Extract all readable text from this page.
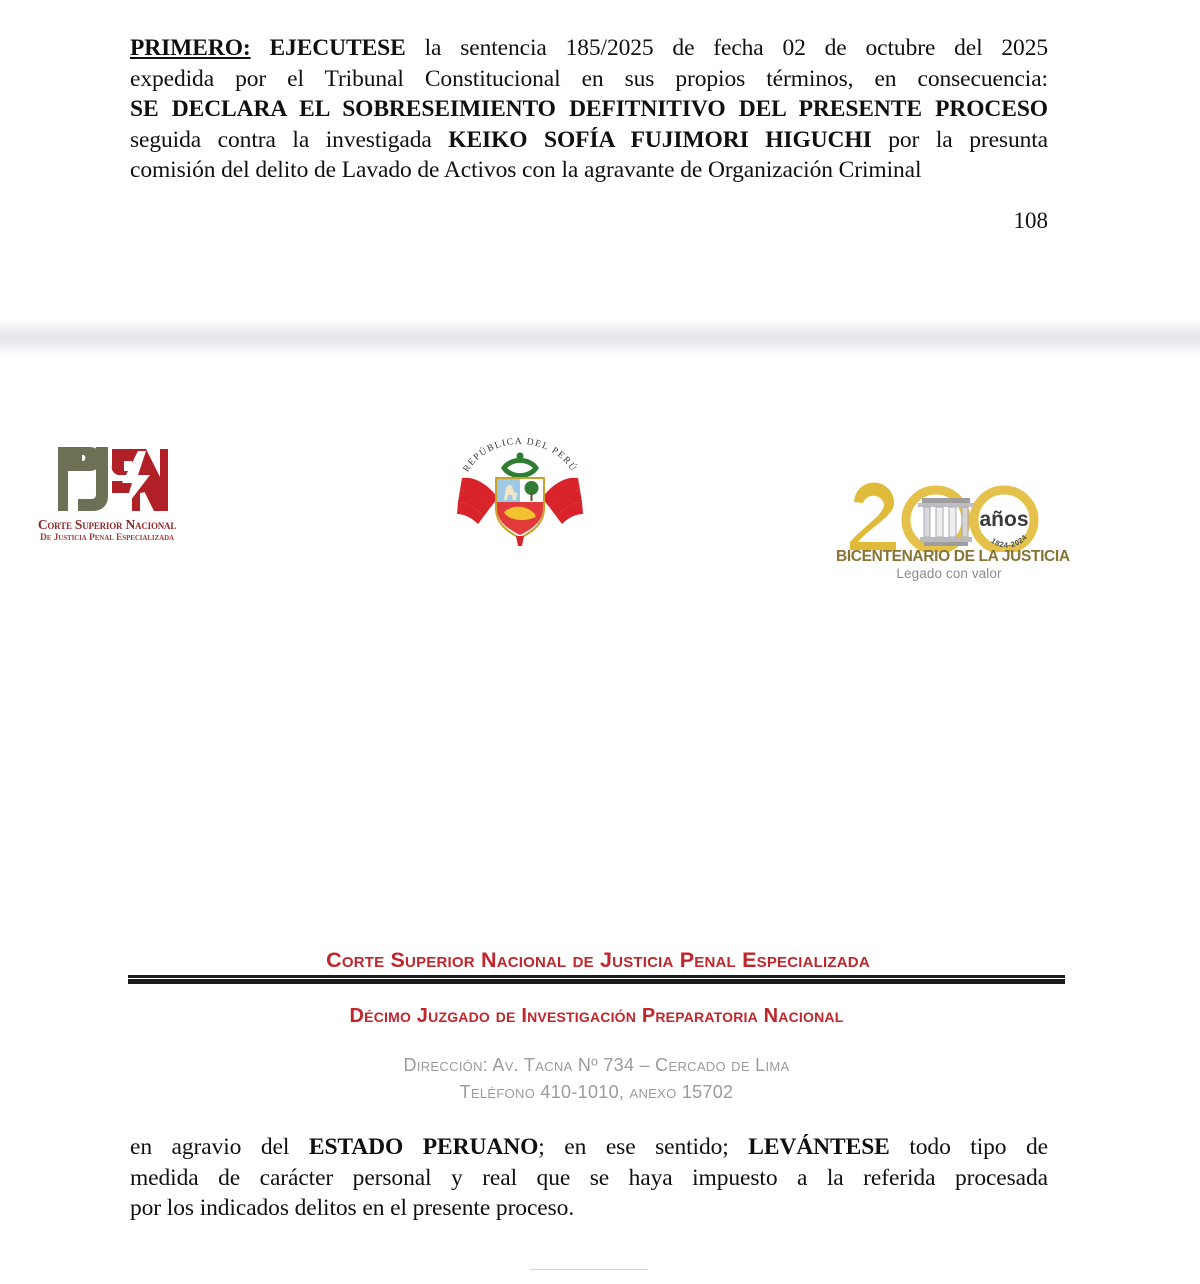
PRIMERO: EJECUTESE la sentencia 185/2025 de fecha 02 de octubre del 2025
expedida por el Tribunal Constitucional en sus propios términos, en consecuencia:
SE DECLARA EL SOBRESEIMIENTO DEFITNITIVO DEL PRESENTE PROCESO
seguida contra la investigada KEIKO SOFÍA FUJIMORI HIGUCHI por la presunta
comisión del delito de Lavado de Activos con la agravante de Organización Criminal
108
Corte Superior Nacional
De Justicia Penal Especializada
REPÚBLICA DEL PERÚ
años
1824-2024
BICENTENARIO DE LA JUSTICIA
Legado con valor
Corte Superior Nacional de Justicia Penal Especializada
Décimo Juzgado de Investigación Preparatoria Nacional
Dirección: Av. Tacna Nº 734 – Cercado de Lima
Teléfono 410-1010, anexo 15702
en agravio del ESTADO PERUANO; en ese sentido; LEVÁNTESE todo tipo de
medida de carácter personal y real que se haya impuesto a la referida procesada
por los indicados delitos en el presente proceso.
—————
